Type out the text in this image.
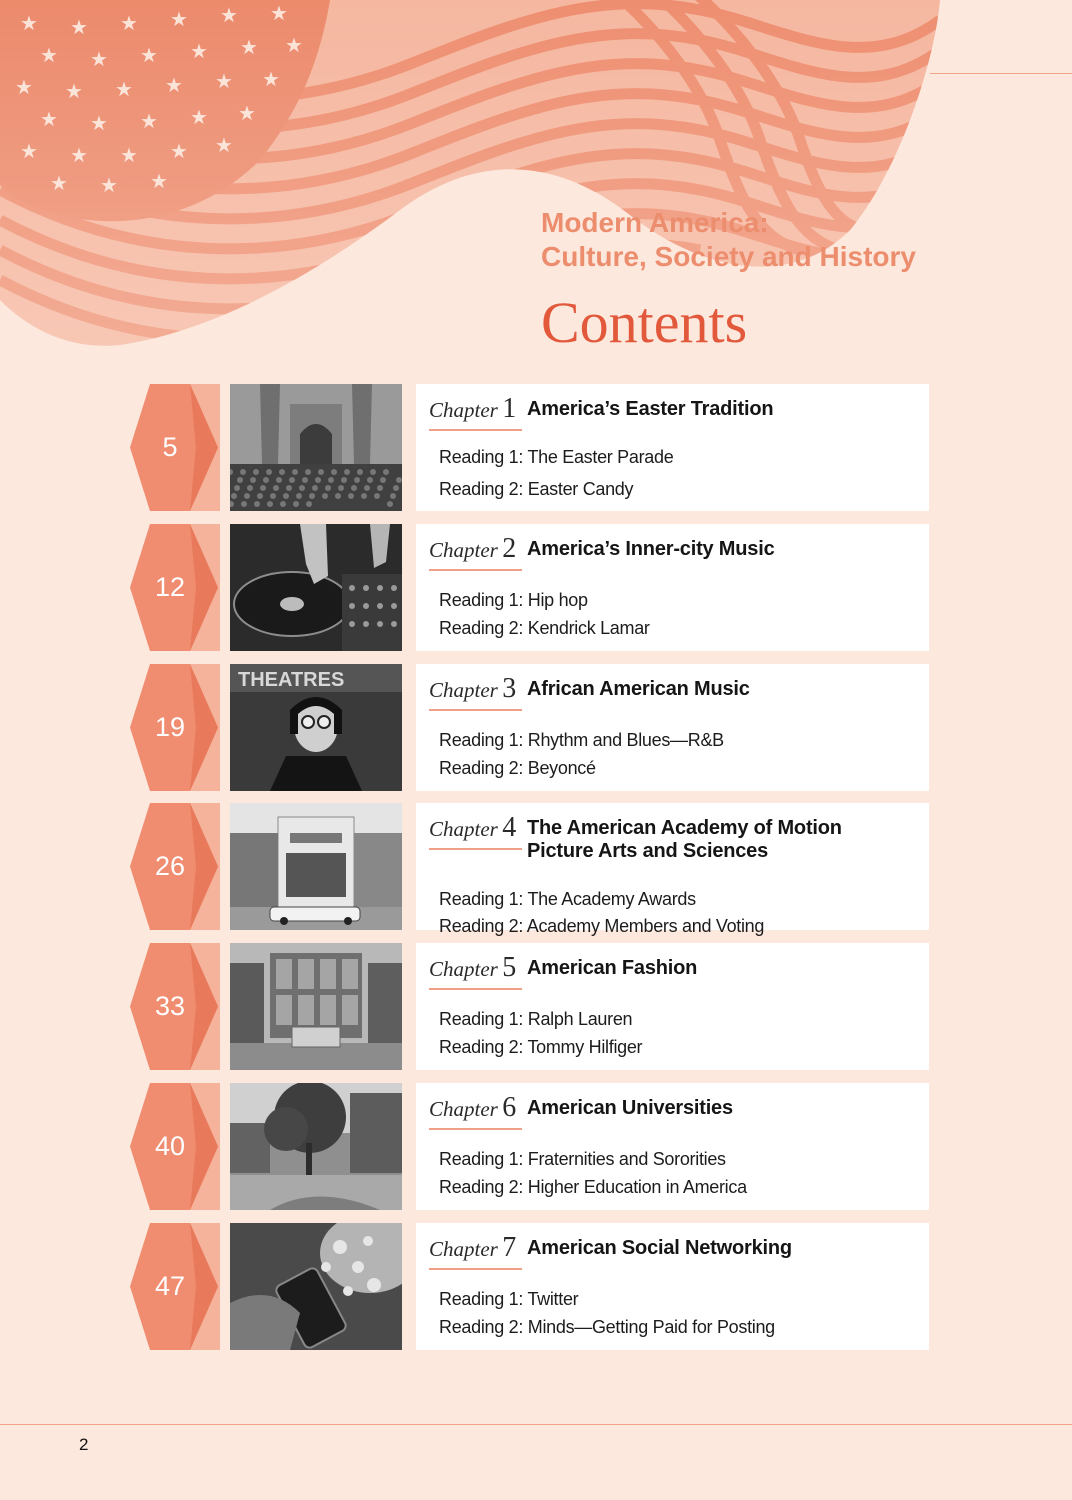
Modern America:
Culture, Society and History
Contents
5
Chapter 1 America’s Easter Tradition
Reading 1: The Easter Parade
Reading 2: Easter Candy
12
Chapter 2 America’s Inner-city Music
Reading 1: Hip hop
Reading 2: Kendrick Lamar
19
THEATRES	Chapter 3 African American Music
Reading 1: Rhythm and Blues—R&B
Reading 2: Beyoncé
26
Chapter 4 The American Academy of Motion Picture Arts and Sciences
Reading 1: The Academy Awards
Reading 2: Academy Members and Voting
33
Chapter 5 American Fashion
Reading 1: Ralph Lauren
Reading 2: Tommy Hilfiger
40
Chapter 6 American Universities
Reading 1: Fraternities and Sororities
Reading 2: Higher Education in America
47
Chapter 7 American Social Networking
Reading 1: Twitter
Reading 2: Minds—Getting Paid for Posting
2
